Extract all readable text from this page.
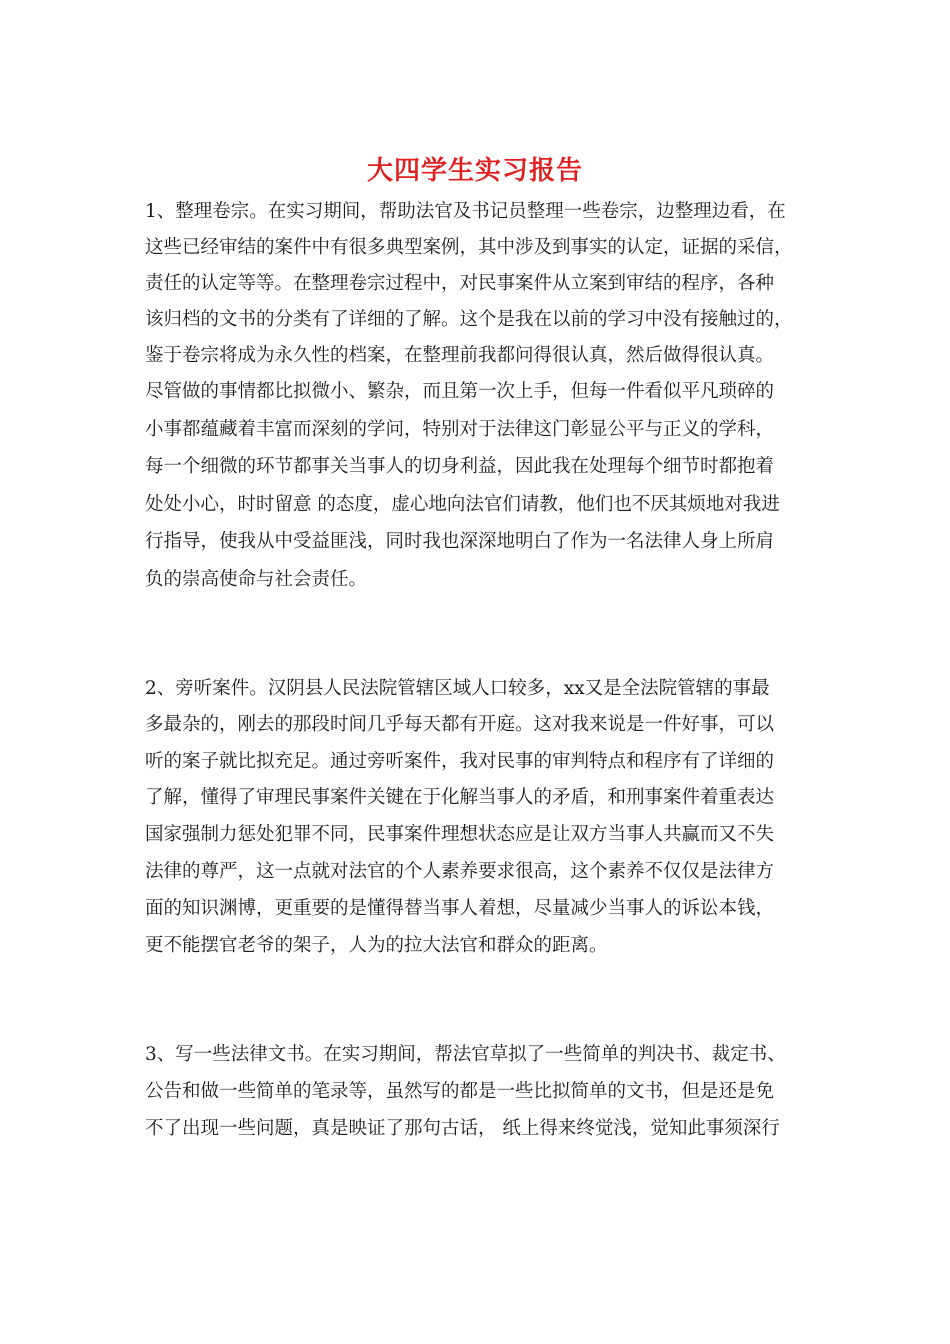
大四学生实习报告
1、整理卷宗。在实习期间，帮助法官及书记员整理一些卷宗，边整理边看，在
这些已经审结的案件中有很多典型案例，其中涉及到事实的认定，证据的采信，
责任的认定等等。在整理卷宗过程中，对民事案件从立案到审结的程序，各种
该归档的文书的分类有了详细的了解。这个是我在以前的学习中没有接触过的，
鉴于卷宗将成为永久性的档案，在整理前我都问得很认真，然后做得很认真。
尽管做的事情都比拟微小、繁杂，而且第一次上手，但每一件看似平凡琐碎的
小事都蕴藏着丰富而深刻的学问，特别对于法律这门彰显公平与正义的学科，
每一个细微的环节都事关当事人的切身利益，因此我在处理每个细节时都抱着
处处小心，时时留意 的态度，虚心地向法官们请教，他们也不厌其烦地对我进
行指导，使我从中受益匪浅，同时我也深深地明白了作为一名法律人身上所肩
负的崇高使命与社会责任。
2、旁听案件。汉阴县人民法院管辖区域人口较多，xx又是全法院管辖的事最
多最杂的，刚去的那段时间几乎每天都有开庭。这对我来说是一件好事，可以
听的案子就比拟充足。通过旁听案件，我对民事的审判特点和程序有了详细的
了解，懂得了审理民事案件关键在于化解当事人的矛盾，和刑事案件着重表达
国家强制力惩处犯罪不同，民事案件理想状态应是让双方当事人共赢而又不失
法律的尊严，这一点就对法官的个人素养要求很高，这个素养不仅仅是法律方
面的知识渊博，更重要的是懂得替当事人着想，尽量减少当事人的诉讼本钱，
更不能摆官老爷的架子，人为的拉大法官和群众的距离。
3、写一些法律文书。在实习期间，帮法官草拟了一些简单的判决书、裁定书、
公告和做一些简单的笔录等，虽然写的都是一些比拟简单的文书，但是还是免
不了出现一些问题，真是映证了那句古话， 纸上得来终觉浅，觉知此事须深行
